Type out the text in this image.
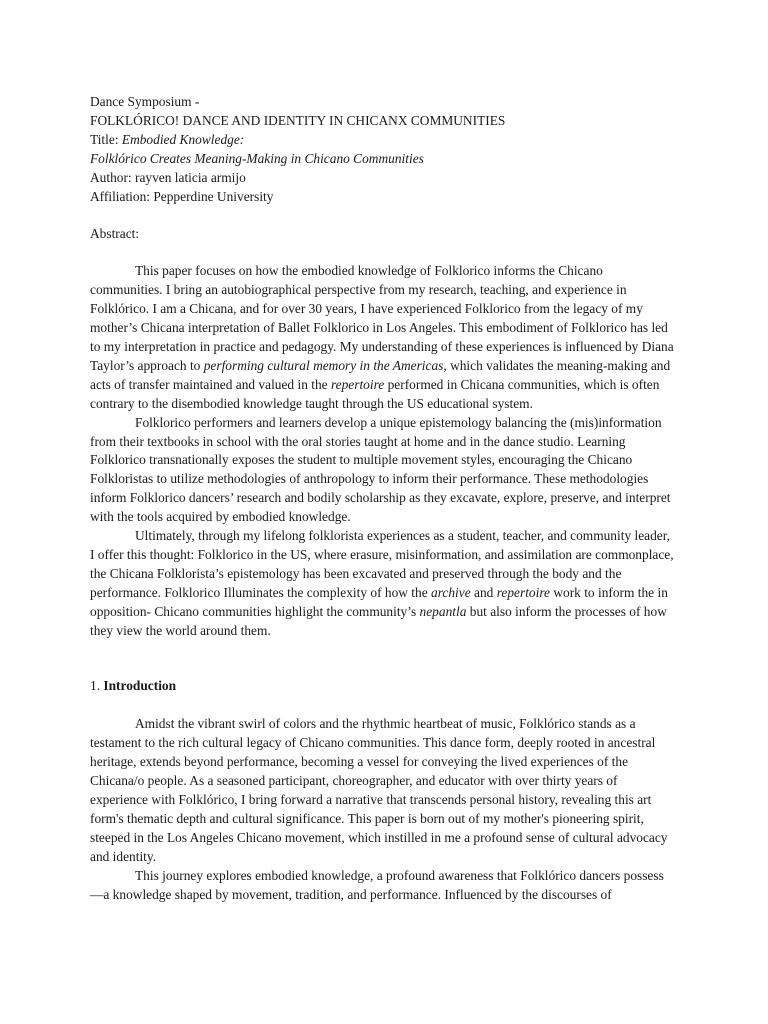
Dance Symposium -
FOLKLÓRICO! DANCE AND IDENTITY IN CHICANX COMMUNITIES
Title: Embodied Knowledge:
Folklórico Creates Meaning-Making in Chicano Communities
Author: rayven laticia armijo
Affiliation: Pepperdine University
Abstract:

This paper focuses on how the embodied knowledge of Folklorico informs the Chicano communities. I bring an autobiographical perspective from my research, teaching, and experience in Folklórico. I am a Chicana, and for over 30 years, I have experienced Folklorico from the legacy of my mother’s Chicana interpretation of Ballet Folklorico in Los Angeles. This embodiment of Folklorico has led to my interpretation in practice and pedagogy. My understanding of these experiences is influenced by Diana Taylor’s approach to performing cultural memory in the Americas, which validates the meaning-making and acts of transfer maintained and valued in the repertoire performed in Chicana communities, which is often contrary to the disembodied knowledge taught through the US educational system.

Folklorico performers and learners develop a unique epistemology balancing the (mis)information from their textbooks in school with the oral stories taught at home and in the dance studio. Learning Folklorico transnationally exposes the student to multiple movement styles, encouraging the Chicano Folkloristas to utilize methodologies of anthropology to inform their performance. These methodologies inform Folklorico dancers’ research and bodily scholarship as they excavate, explore, preserve, and interpret with the tools acquired by embodied knowledge.

Ultimately, through my lifelong folklorista experiences as a student, teacher, and community leader, I offer this thought: Folklorico in the US, where erasure, misinformation, and assimilation are commonplace, the Chicana Folklorista’s epistemology has been excavated and preserved through the body and the performance. Folklorico Illuminates the complexity of how the archive and repertoire work to inform the in opposition- Chicano communities highlight the community’s nepantla but also inform the processes of how they view the world around them.

1. Introduction

Amidst the vibrant swirl of colors and the rhythmic heartbeat of music, Folklórico stands as a testament to the rich cultural legacy of Chicano communities. This dance form, deeply rooted in ancestral heritage, extends beyond performance, becoming a vessel for conveying the lived experiences of the Chicana/o people. As a seasoned participant, choreographer, and educator with over thirty years of experience with Folklórico, I bring forward a narrative that transcends personal history, revealing this art form's thematic depth and cultural significance. This paper is born out of my mother's pioneering spirit, steeped in the Los Angeles Chicano movement, which instilled in me a profound sense of cultural advocacy and identity.

This journey explores embodied knowledge, a profound awareness that Folklórico dancers possess—a knowledge shaped by movement, tradition, and performance. Influenced by the discourses of
